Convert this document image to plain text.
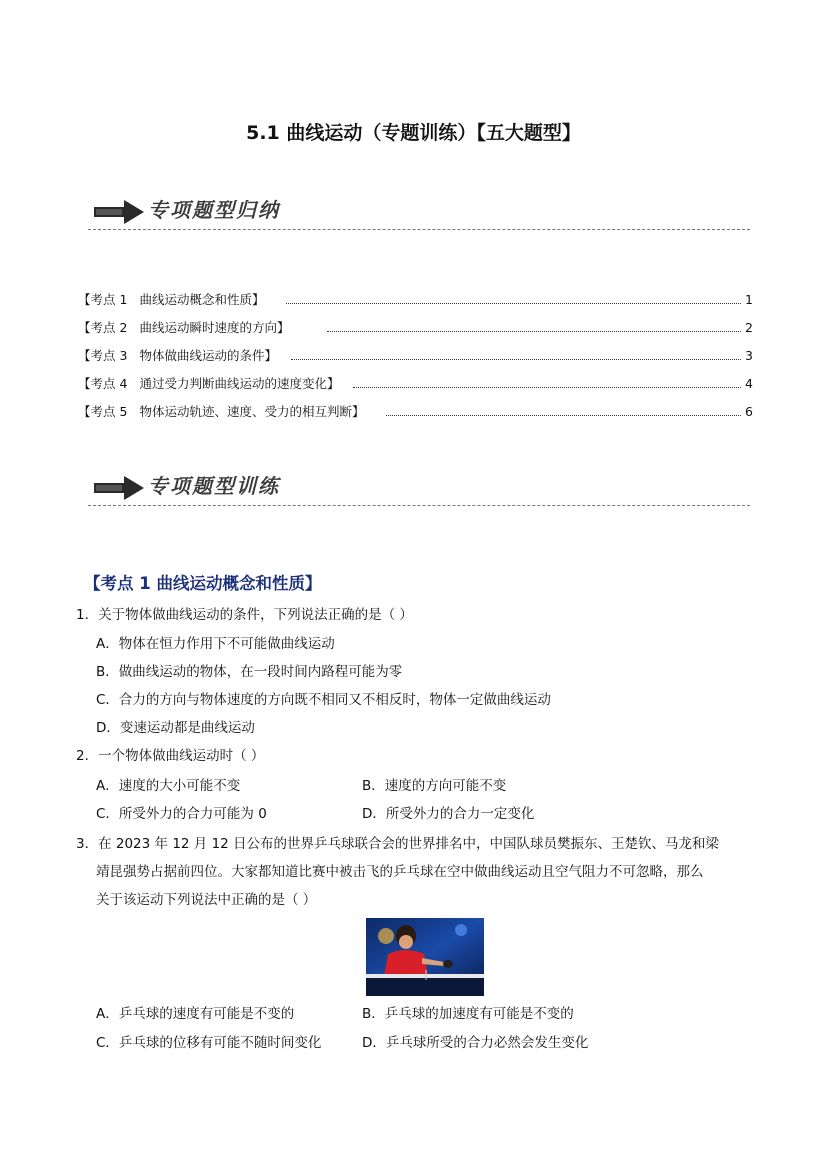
5.1 曲线运动（专题训练）【五大题型】
专项题型归纳
【考点 1 曲线运动概念和性质】	1
【考点 2 曲线运动瞬时速度的方向】	2
【考点 3 物体做曲线运动的条件】	3
【考点 4 通过受力判断曲线运动的速度变化】	4
【考点 5 物体运动轨迹、速度、受力的相互判断】	6
专项题型训练
【考点 1 曲线运动概念和性质】
1．关于物体做曲线运动的条件，下列说法正确的是（ ）
A．物体在恒力作用下不可能做曲线运动
B．做曲线运动的物体，在一段时间内路程可能为零
C．合力的方向与物体速度的方向既不相同又不相反时，物体一定做曲线运动
D．变速运动都是曲线运动
2．一个物体做曲线运动时（ ）
A．速度的大小可能不变	B．速度的方向可能不变
C．所受外力的合力可能为 0	D．所受外力的合力一定变化
3．在 2023 年 12 月 12 日公布的世界乒乓球联合会的世界排名中，中国队球员樊振东、王楚钦、马龙和梁
靖昆强势占据前四位。大家都知道比赛中被击飞的乒乓球在空中做曲线运动且空气阻力不可忽略，那么
关于该运动下列说法中正确的是（ ）
A．乒乓球的速度有可能是不变的	B．乒乓球的加速度有可能是不变的
C．乒乓球的位移有可能不随时间变化	D．乒乓球所受的合力必然会发生变化
